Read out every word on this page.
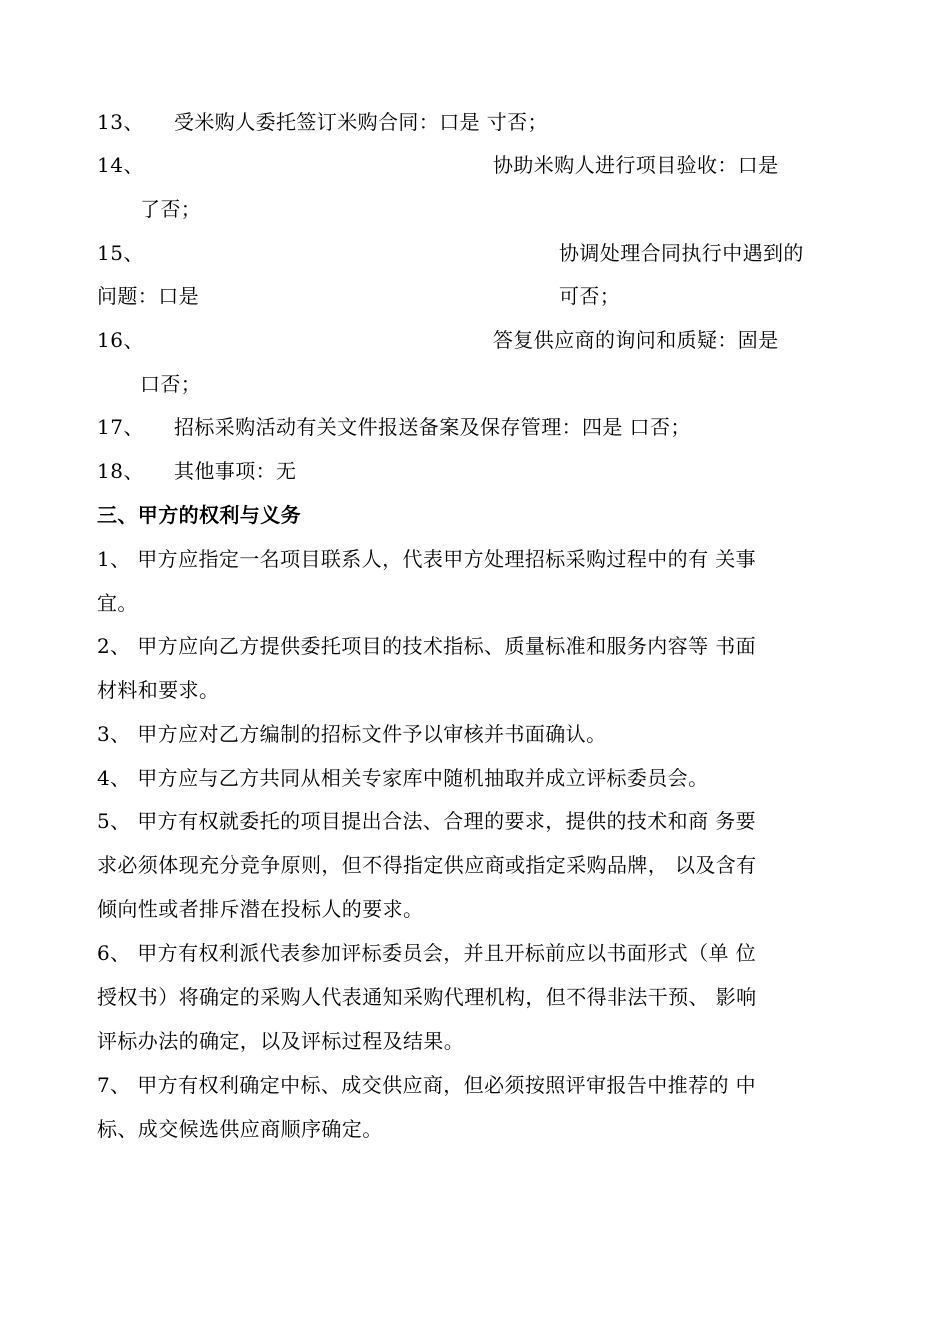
13、 受米购人委托签订米购合同：口是 寸否；
14、	协助米购人进行项目验收：口是
了否；
15、	协调处理合同执行中遇到的
问题：口是	可否；
16、	答复供应商的询问和质疑：固是
口否；
17、 招标采购活动有关文件报送备案及保存管理：四是 口否；
18、 其他事项：无
三、甲方的权利与义务
1、 甲方应指定一名项目联系人，代表甲方处理招标采购过程中的有 关事
宜。
2、 甲方应向乙方提供委托项目的技术指标、质量标准和服务内容等 书面
材料和要求。
3、 甲方应对乙方编制的招标文件予以审核并书面确认。
4、 甲方应与乙方共同从相关专家库中随机抽取并成立评标委员会。
5、 甲方有权就委托的项目提出合法、合理的要求，提供的技术和商 务要
求必须体现充分竞争原则，但不得指定供应商或指定采购品牌， 以及含有
倾向性或者排斥潜在投标人的要求。
6、 甲方有权利派代表参加评标委员会，并且开标前应以书面形式（单 位
授权书）将确定的采购人代表通知采购代理机构，但不得非法干预、 影响
评标办法的确定，以及评标过程及结果。
7、 甲方有权利确定中标、成交供应商，但必须按照评审报告中推荐的 中
标、成交候选供应商顺序确定。
